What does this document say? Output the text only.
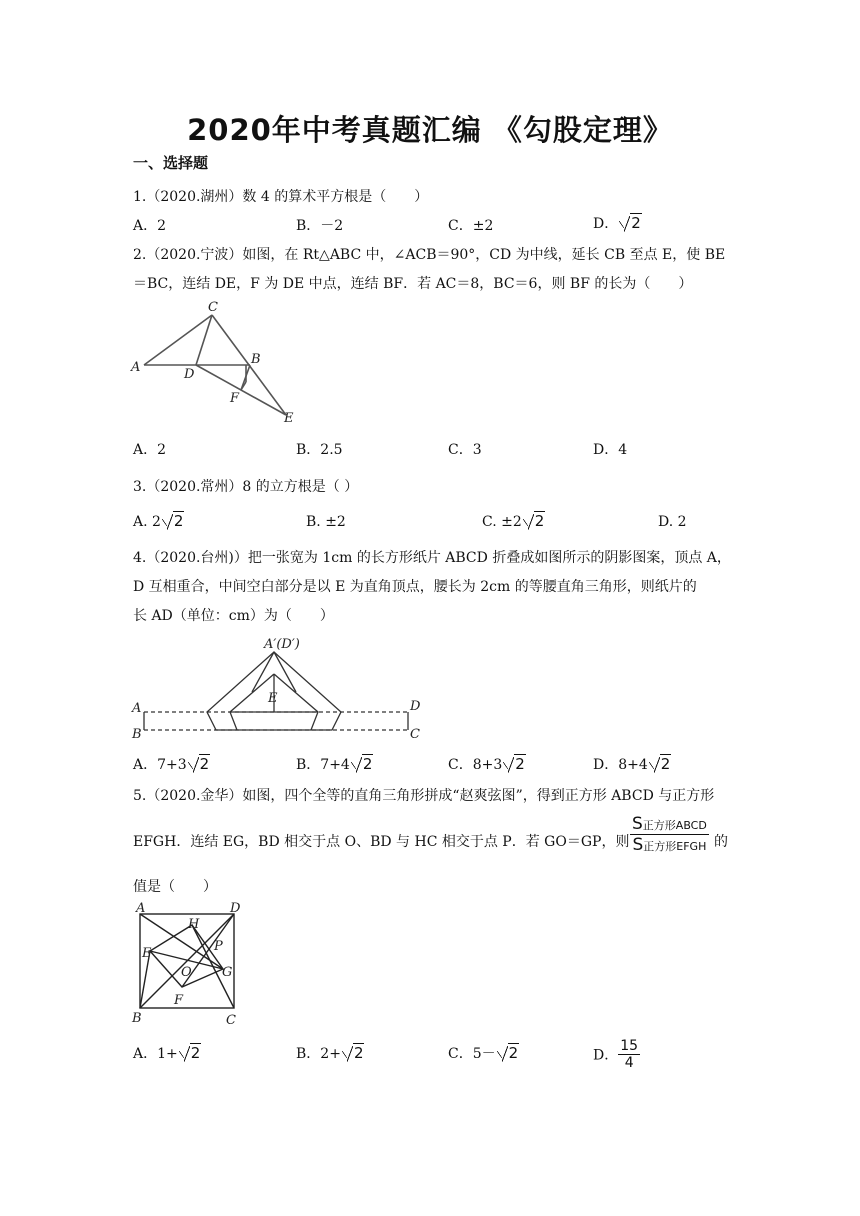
2020年中考真题汇编 《勾股定理》
一、选择题
1.（2020.湖州）数 4 的算术平方根是（　　）
A．2	B．－2	C．±2	D． 2
2.（2020.宁波）如图，在 Rt△ABC 中，∠ACB＝90°，CD 为中线，延长 CB 至点 E，使 BE
＝BC，连结 DE，F 为 DE 中点，连结 BF．若 AC＝8，BC＝6，则 BF 的长为（　　）
C
A	D
B
F
E
A．2	B．2.5	C．3	D．4
3.（2020.常州）8 的立方根是（ ）
A. 2 2	B. ±2	C. ±2 2	D. 2
4.（2020.台州)）把一张宽为 1cm 的长方形纸片 ABCD 折叠成如图所示的阴影图案，顶点 A，
D 互相重合，中间空白部分是以 E 为直角顶点，腰长为 2cm 的等腰直角三角形，则纸片的
长 AD（单位：cm）为（　　）
A′(D′)
E
A
B
D
C
A．7+3 2	B．7+4 2	C．8+3 2	D．8+4 2
5.（2020.金华）如图，四个全等的直角三角形拼成“赵爽弦图”，得到正方形 ABCD 与正方形
EFGH．连结 EG，BD 相交于点 O、BD 与 HC 相交于点 P．若 GO＝GP，则 $\frac{\text{S正方形ABCD}}{\text{S正方形EFGH}}$ 的
值是（　　）
A	D
B	C
H
E	P
O G
F
A．1+ 2	B．2+ 2	C．5－ 2	D． $\frac{15}{4}$
